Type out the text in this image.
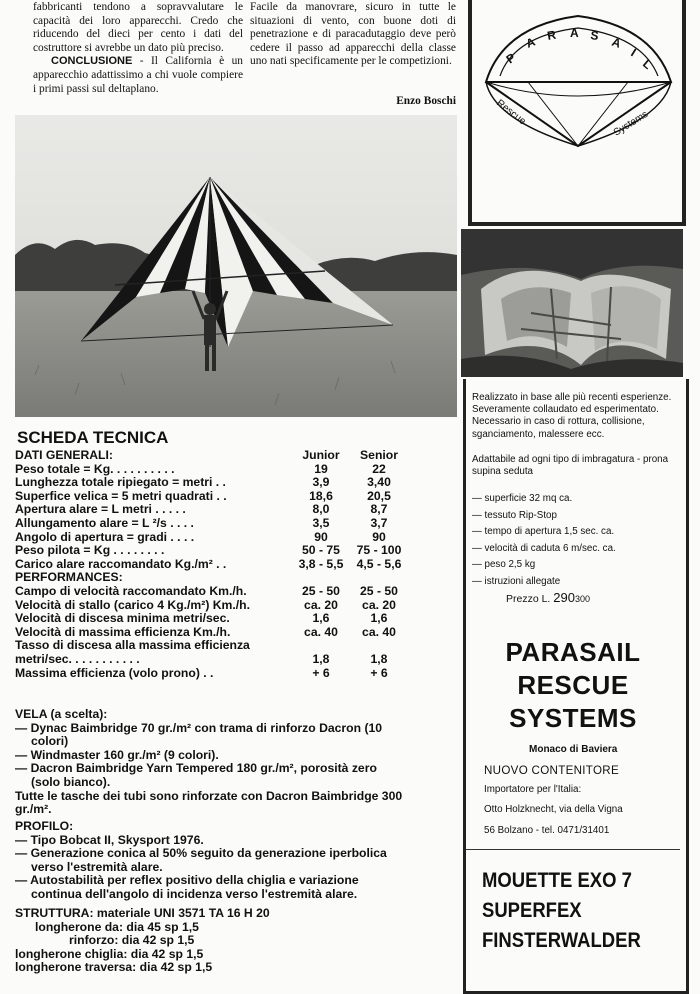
fabbricanti tendono a sopravvalutare le capacità dei loro apparecchi. Credo che riducendo del dieci per cento i dati del costruttore si avrebbe un dato più preciso.

CONCLUSIONE - Il California è un apparecchio adattissimo a chi vuole compiere i primi passi sul deltaplano.

Facile da manovrare, sicuro in tutte le situazioni di vento, con buone doti di penetrazione e di paracadutaggio deve però cedere il passo ad apparecchi della classe uno nati specificamente per le competizioni.

Enzo Boschi
P
A R A S A
I
L
Rescue	Systems
Realizzato in base alle più recenti esperienze. Severamente collaudato ed esperimentato. Necessario in caso di rottura, collisione, sganciamento, malessere ecc.
Adattabile ad ogni tipo di imbragatura - prona supina seduta
— superficie 32 mq ca.
— tessuto Rip-Stop
— tempo di apertura 1,5 sec. ca.
— velocità di caduta 6 m/sec. ca.
— peso 2,5 kg
— istruzioni allegate
Prezzo L. 290300
PARASAIL
RESCUE
SYSTEMS
Monaco di Baviera
NUOVO CONTENITORE
Importatore per l'Italia:
Otto Holzknecht, via della Vigna
56 Bolzano - tel. 0471/31401
MOUETTE EXO 7
SUPERFEX
FINSTERWALDER
SCHEDA TECNICA
DATI GENERALI:	Junior	Senior
Peso totale = Kg. . . . . . . . . .	19	22
Lunghezza totale ripiegato = metri . .	3,9	3,40
Superfice velica = 5 metri quadrati . .	18,6	20,5
Apertura alare = L metri . . . . .	8,0	8,7
Allungamento alare = L ²/s . . . .	3,5	3,7
Angolo di apertura = gradi . . . .	90	90
Peso pilota = Kg . . . . . . . .	50 - 75	75 - 100
Carico alare raccomandato Kg./m² . .	3,8 - 5,5	4,5 - 5,6
PERFORMANCES:		
Campo di velocità raccomandato Km./h.	25 - 50	25 - 50
Velocità di stallo (carico 4 Kg./m²) Km./h.	ca. 20	ca. 20
Velocità di discesa minima metri/sec.	1,6	1,6
Velocità di massima efficienza Km./h.	ca. 40	ca. 40
Tasso di discesa alla massima efficienza		
metri/sec. . . . . . . . . . .	1,8	1,8
Massima efficienza (volo prono) . .	+ 6	+ 6
VELA (a scelta):
— Dynac Baimbridge 70 gr./m² con trama di rinforzo Dacron (10 colori)
— Windmaster 160 gr./m² (9 colori).
— Dacron Baimbridge Yarn Tempered 180 gr./m², porosità zero (solo bianco).
Tutte le tasche dei tubi sono rinforzate con Dacron Baimbridge 300 gr./m².
PROFILO:
— Tipo Bobcat II, Skysport 1976.
— Generazione conica al 50% seguito da generazione iperbolica verso l'estremità alare.
— Autostabilità per reflex positivo della chiglia e variazione continua dell'angolo di incidenza verso l'estremità alare.
STRUTTURA: materiale UNI 3571 TA 16 H 20
longherone da: dia 45 sp 1,5
rinforzo: dia 42 sp 1,5
longherone chiglia: dia 42 sp 1,5
longherone traversa: dia 42 sp 1,5
